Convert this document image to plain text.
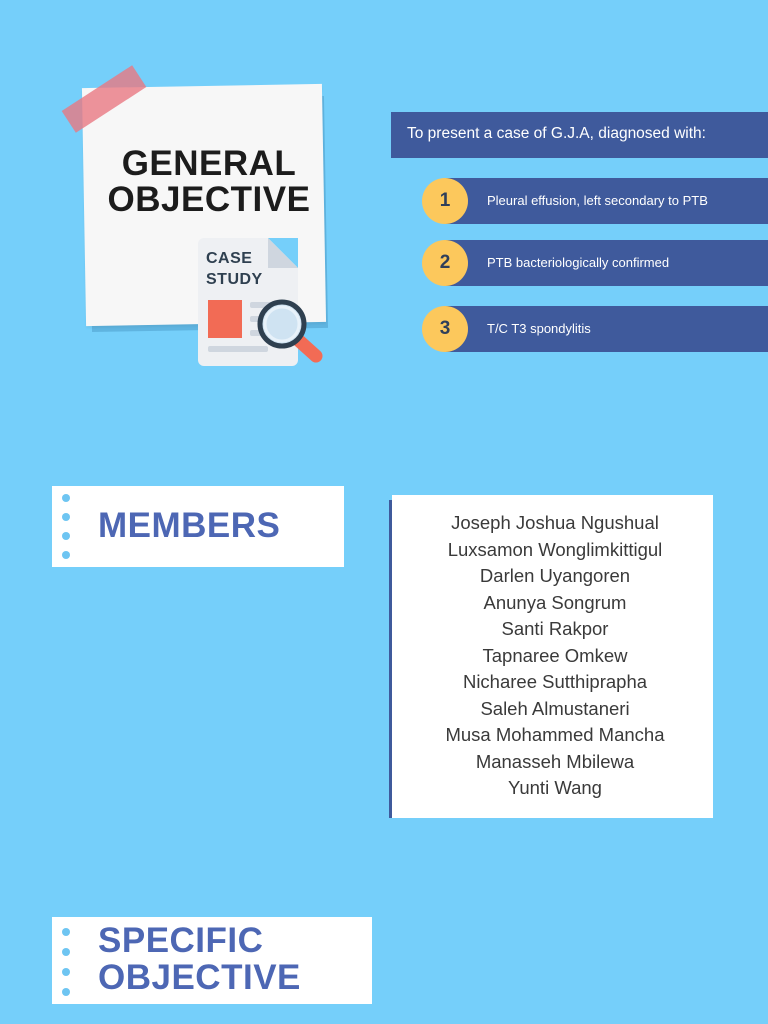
GENERAL
OBJECTIVE
CASE
STUDY
To present a case of G.J.A, diagnosed with:
1	Pleural effusion, left secondary to PTB
2	PTB bacteriologically confirmed
3	T/C T3 spondylitis
MEMBERS	Joseph Joshua Ngushual
Luxsamon Wonglimkittigul
Darlen Uyangoren
Anunya Songrum
Santi Rakpor
Tapnaree Omkew
Nicharee Sutthiprapha
Saleh Almustaneri
Musa Mohammed Mancha
Manasseh Mbilewa
Yunti Wang
SPECIFIC
OBJECTIVE
